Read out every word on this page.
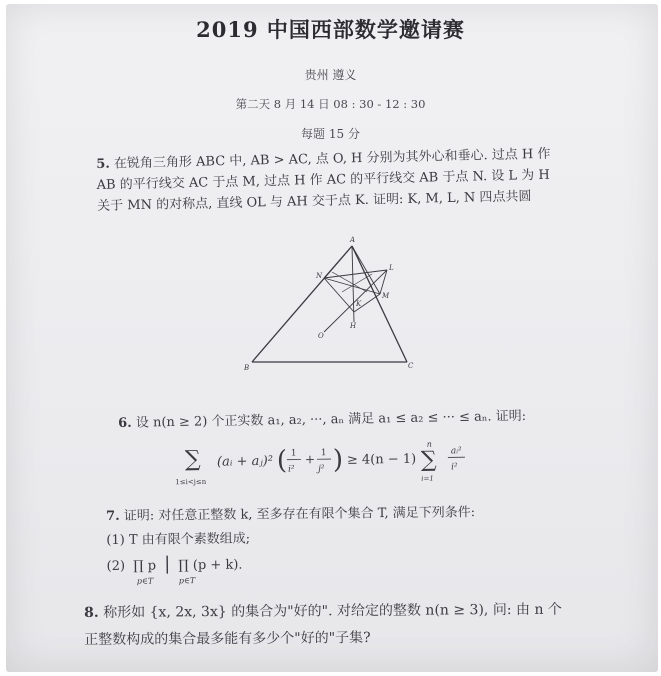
2019 中国西部数学邀请赛
贵州 遵义
第二天 8 月 14 日 08 : 30 - 12 : 30
每题 15 分
5. 在锐角三角形 ABC 中, AB > AC, 点 O, H 分别为其外心和垂心. 过点 H 作 AB 的平行线交 AC 于点 M, 过点 H 作 AC 的平行线交 AB 于点 N. 设 L 为 H 关于 MN 的对称点, 直线 OL 与 AH 交于点 K. 证明: K, M, L, N 四点共圆
A
B	C
O
H
M
N
K
L
6. 设 n(n ≥ 2) 个正实数 a₁, a₂, ···, aₙ 满足 a₁ ≤ a₂ ≤ ··· ≤ aₙ. 证明:
∑
1≤i<j≤n
(aᵢ + aⱼ)² ( 1
i²
+ 1
j² ) ≥ 4(n − 1)
n
∑
i=1
aᵢ²
i²
7. 证明: 对任意正整数 k, 至多存在有限个集合 T, 满足下列条件:
(1) T 由有限个素数组成;
(2) ∏ p | ∏ (p + k).
p∈T	p∈T
8. 称形如 {x, 2x, 3x} 的集合为"好的". 对给定的整数 n(n ≥ 3), 问: 由 n 个
正整数构成的集合最多能有多少个"好的"子集?
